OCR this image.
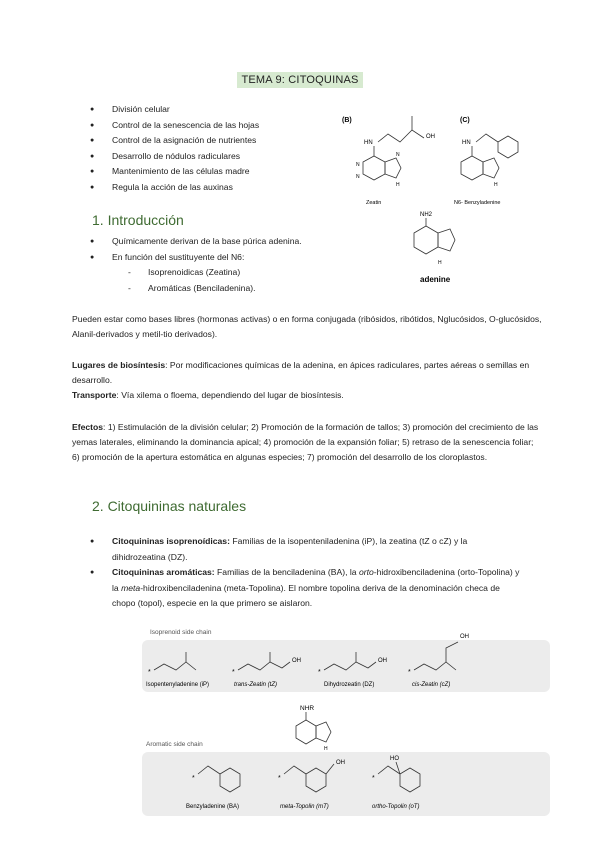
TEMA 9: CITOQUINAS
● División celular
● Control de la senescencia de las hojas
● Control de la asignación de nutrientes
● Desarrollo de nódulos radiculares
● Mantenimiento de las células madre
● Regula la acción de las auxinas
(B)	(C)
OH
HN
N
N
N
H
Zeatin
HN
H
N6- Benzyladenine
NH2
H
adenine
1. Introducción
● Químicamente derivan de la base púrica adenina.
● En función del sustituyente del N6:
- Isoprenoidicas (Zeatina)
- Aromáticas (Benciladenina).
Pueden estar como bases libres (hormonas activas) o en forma conjugada (ribósidos, ribótidos, Nglucósidos, O-glucósidos, Alanil-derivados y metil-tio derivados).
Lugares de biosíntesis: Por modificaciones químicas de la adenina, en ápices radiculares, partes aéreas o semillas en desarrollo.
Transporte: Vía xilema o floema, dependiendo del lugar de biosíntesis.
Efectos: 1) Estimulación de la división celular; 2) Promoción de la formación de tallos; 3) promoción del crecimiento de las yemas laterales, eliminando la dominancia apical; 4) promoción de la expansión foliar; 5) retraso de la senescencia foliar; 6) promoción de la apertura estomática en algunas especies; 7) promoción del desarrollo de los cloroplastos.
2. Citoquininas naturales
● Citoquininas isoprenoídicas: Familias de la isopenteniladenina (iP), la zeatina (tZ o cZ) y la dihidrozeatina (DZ).
● Citoquininas aromáticas: Familias de la benciladenina (BA), la orto-hidroxibenciladenina (orto-Topolina) y la meta-hidroxibenciladenina (meta-Topolina). El nombre topolina deriva de la denominación checa de chopo (topol), especie en la que primero se aislaron.
Isoprenoid side chain
*
Isopentenyladenine (iP)
*
OH
trans-Zeatin (tZ)
*
OH
Dihydrozeatin (DZ)
*
OH
cis-Zeatin (cZ)
NHR
H
Aromatic side chain
*
Benzyladenine (BA)
*
OH
meta-Topolin (mT)
*
HO
ortho-Topolin (oT)
